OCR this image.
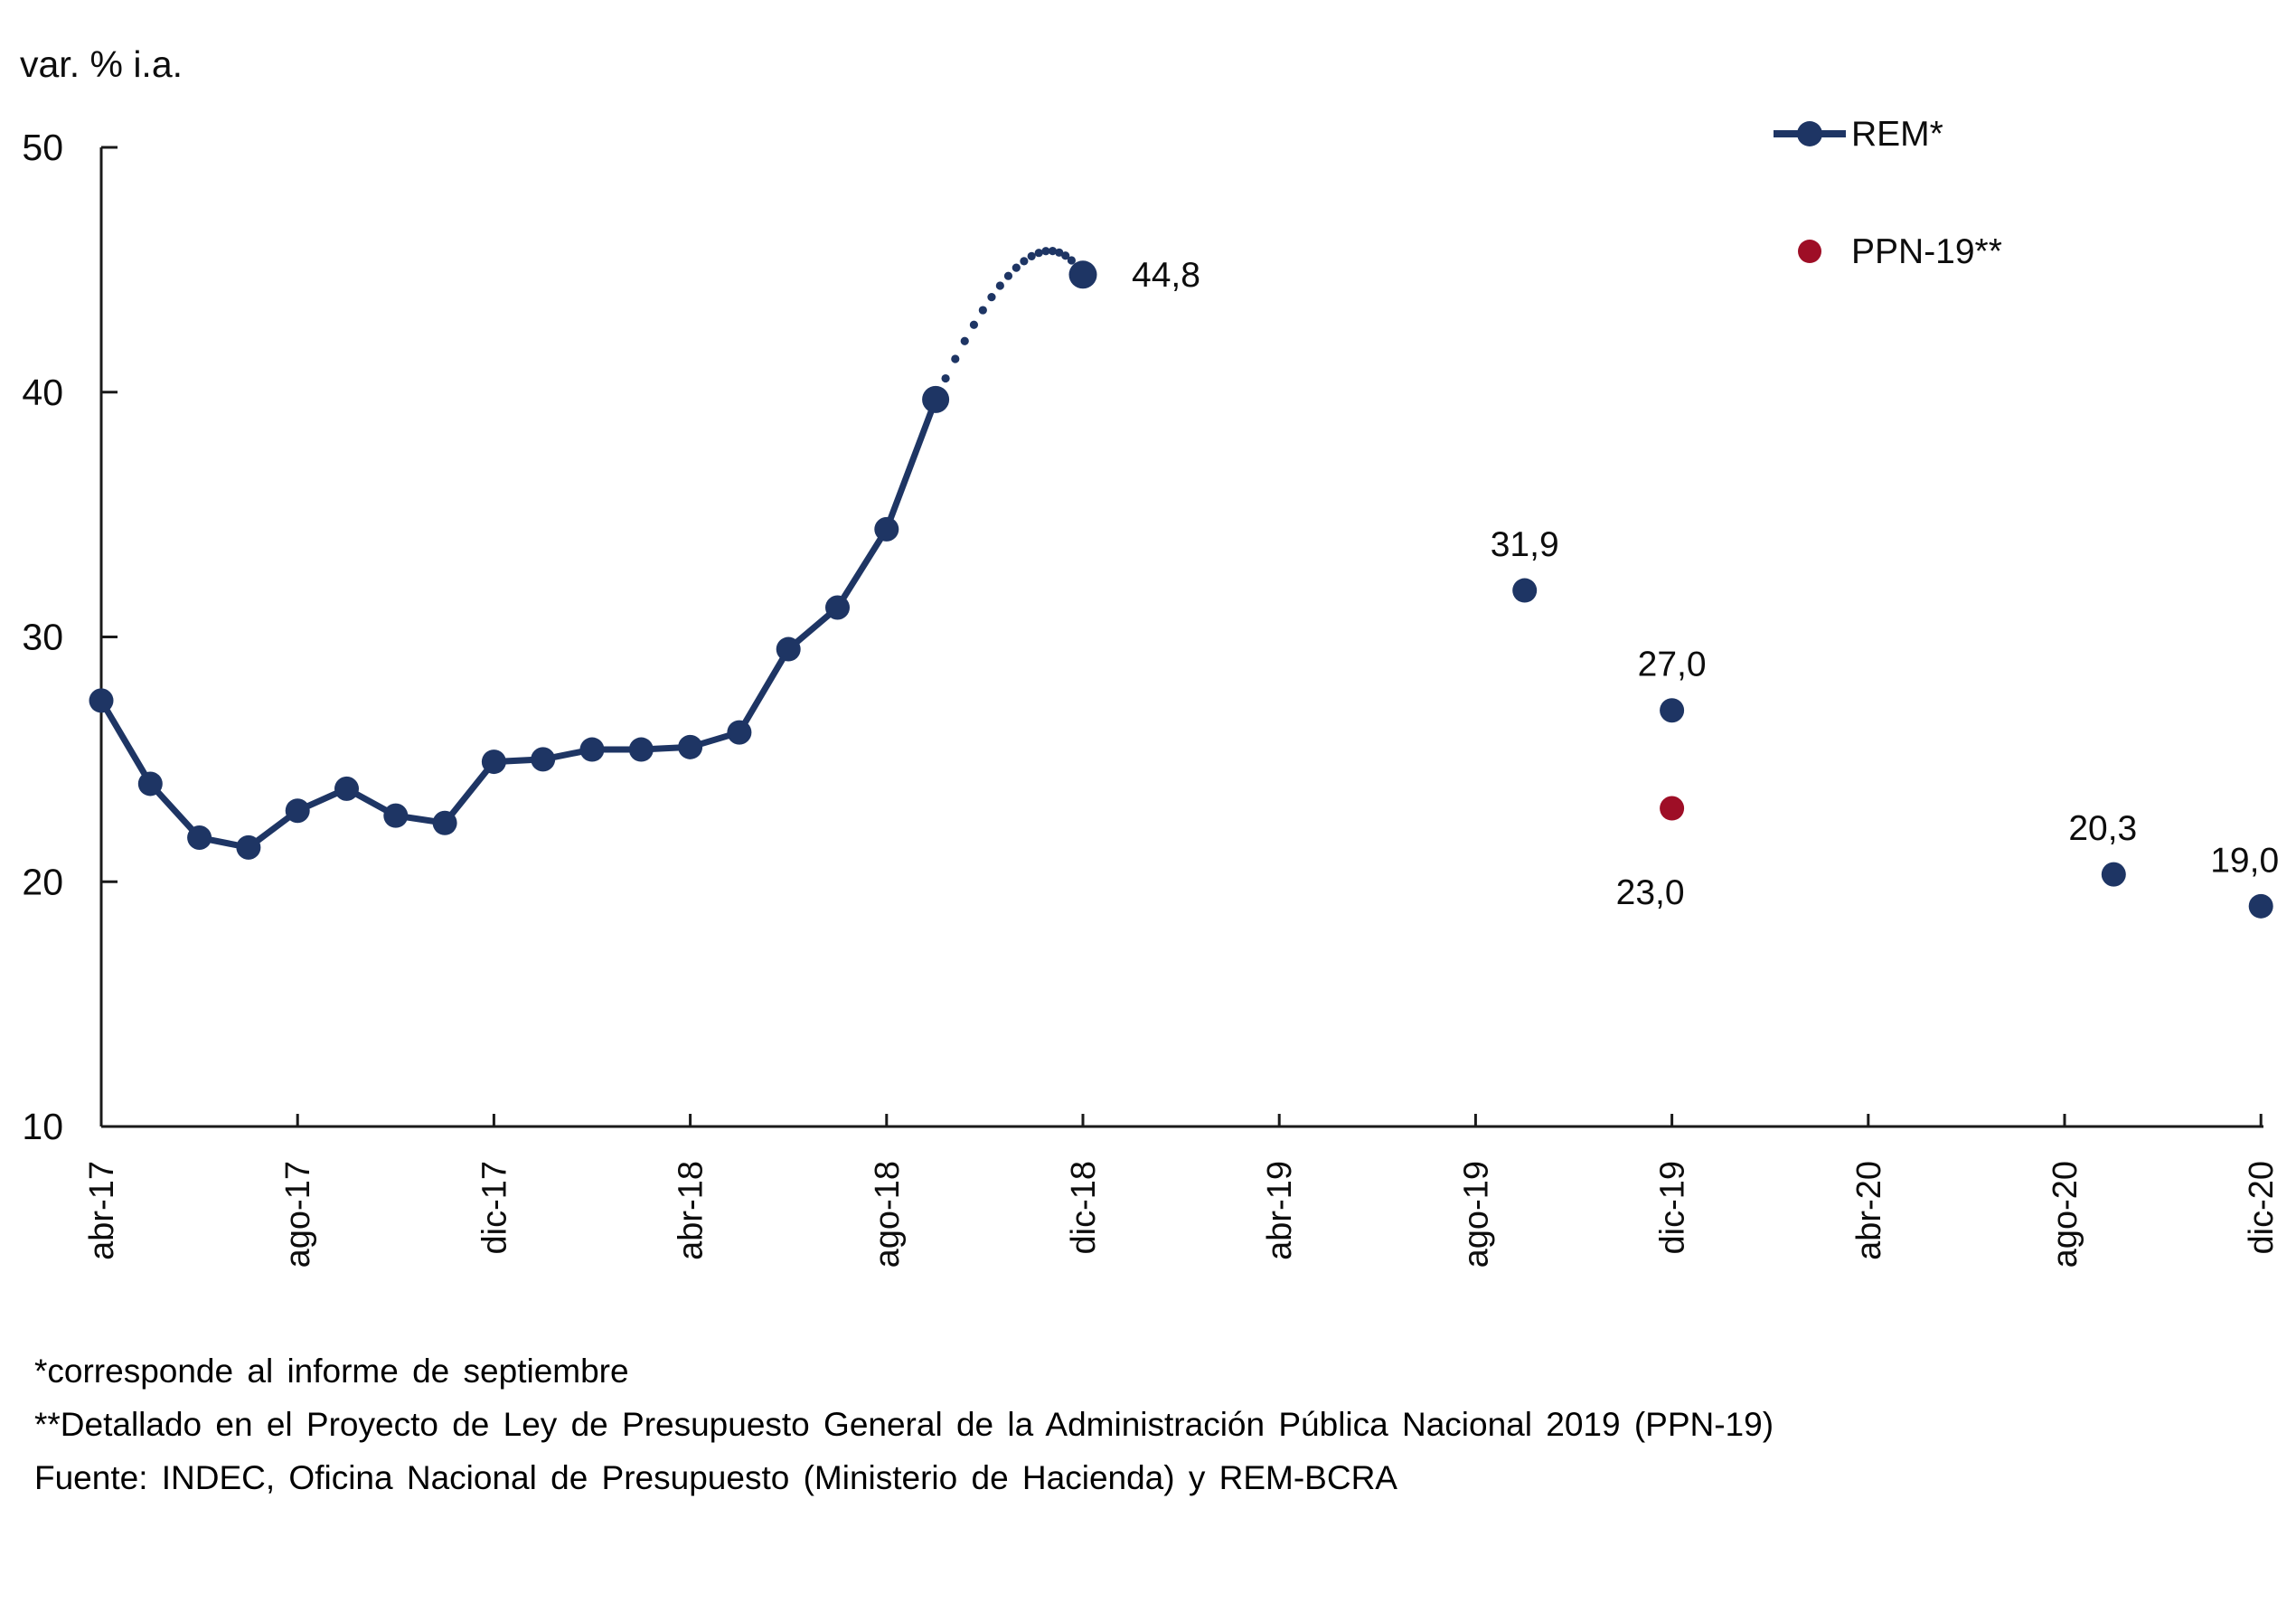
var. % i.a.
10
20
30
40
50
abr-17	ago-17	dic-17	abr-18	ago-18	dic-18	abr-19	ago-19	dic-19	abr-20	ago-20	dic-20
44,8
31,9
27,0
20,3
19,0
23,0
REM*
PPN-19**
*corresponde al informe de septiembre
**Detallado en el Proyecto de Ley de Presupuesto General de la Administración Pública Nacional 2019 (PPN-19)
Fuente: INDEC, Oficina Nacional de Presupuesto (Ministerio de Hacienda) y REM-BCRA
